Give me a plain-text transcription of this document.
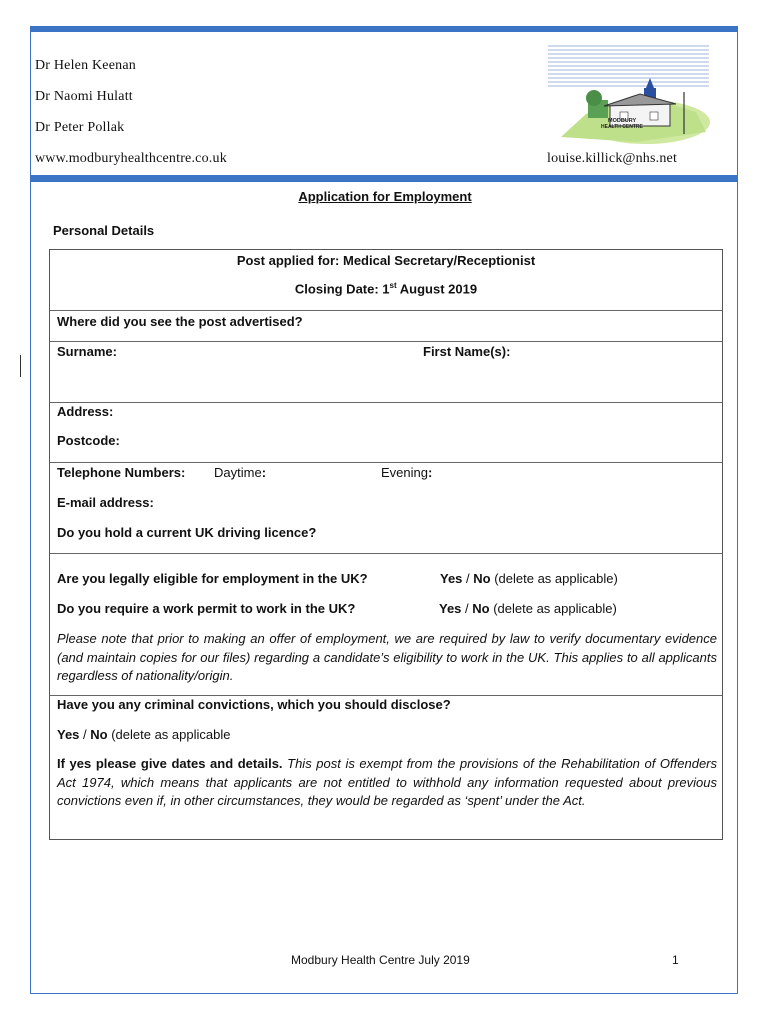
Dr Helen Keenan
Dr Naomi Hulatt
Dr Peter Pollak
www.modburyhealthcentre.co.uk	louise.killick@nhs.net
MODBURY
HEALTH CENTRE
Application for Employment
Personal Details
Post applied for: Medical Secretary/Receptionist
Closing Date: 1st August 2019
Where did you see the post advertised?
Surname:	First Name(s):
Address:
Postcode:
Telephone Numbers: Daytime:	Evening:
E-mail address:
Do you hold a current UK driving licence?
Are you legally eligible for employment in the UK?	Yes / No (delete as applicable)
Do you require a work permit to work in the UK?	Yes / No (delete as applicable)
Please note that prior to making an offer of employment, we are required by law to verify documentary evidence (and maintain copies for our files) regarding a candidate’s eligibility to work in the UK. This applies to all applicants regardless of nationality/origin.
Have you any criminal convictions, which you should disclose?
Yes / No (delete as applicable
If yes please give dates and details. This post is exempt from the provisions of the Rehabilitation of Offenders Act 1974, which means that applicants are not entitled to withhold any information requested about previous convictions even if, in other circumstances, they would be regarded as ‘spent’ under the Act.
Modbury Health Centre July 2019	1
